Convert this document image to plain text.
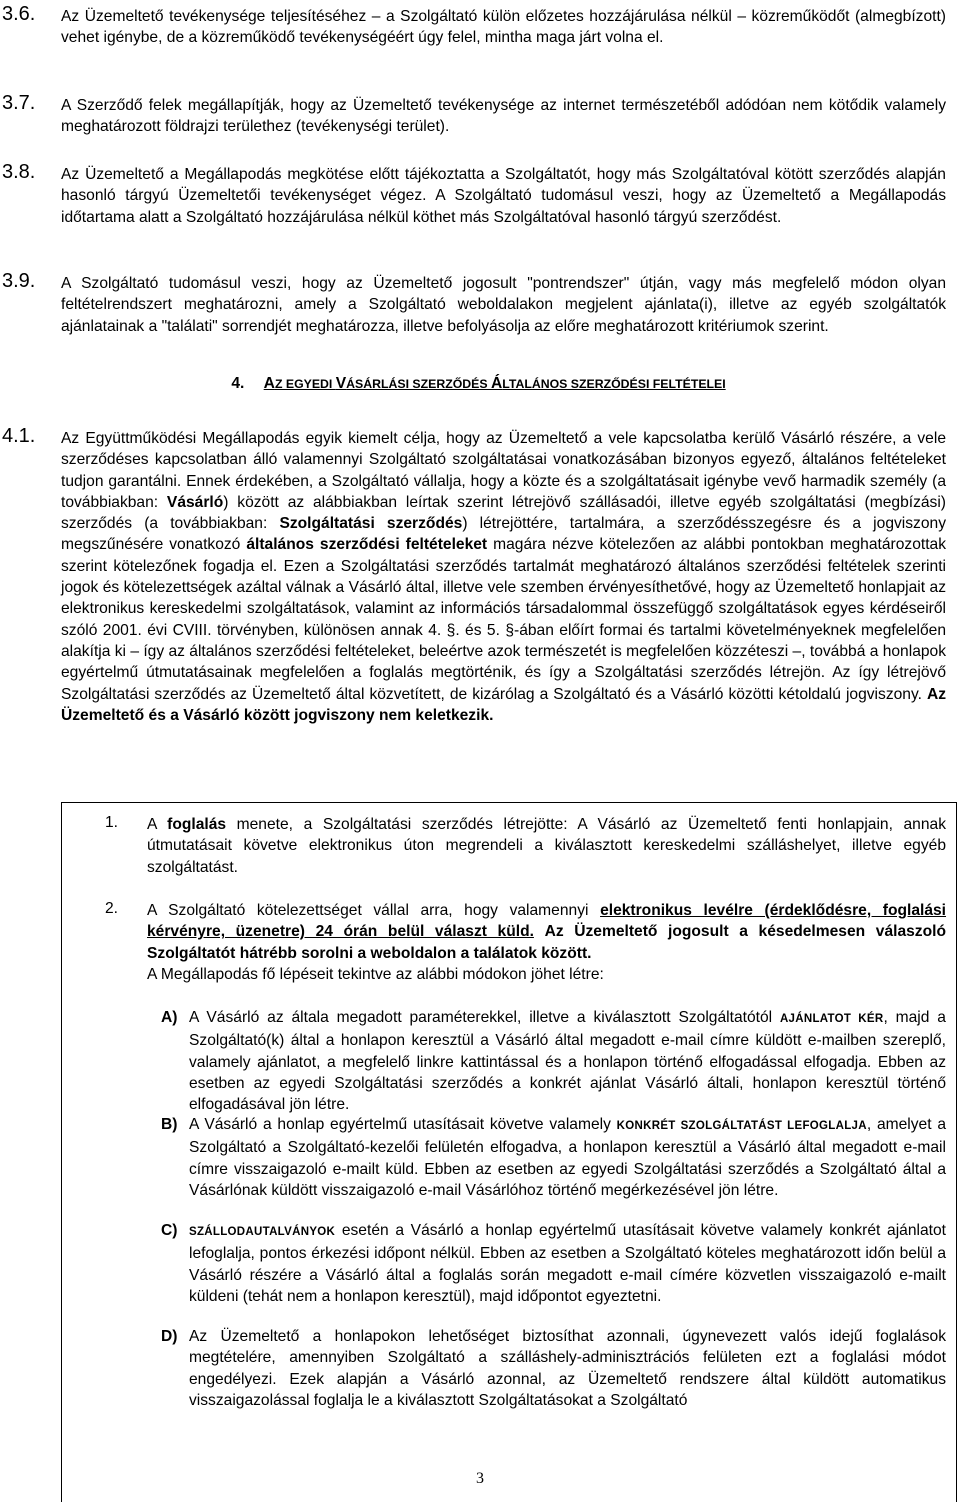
3.6. Az Üzemeltető tevékenysége teljesítéséhez – a Szolgáltató külön előzetes hozzájárulása nélkül – közreműködőt (almegbízott) vehet igénybe, de a közreműködő tevékenységéért úgy felel, mintha maga járt volna el.
3.7. A Szerződő felek megállapítják, hogy az Üzemeltető tevékenysége az internet természetéből adódóan nem kötődik valamely meghatározott földrajzi területhez (tevékenységi terület).
3.8. Az Üzemeltető a Megállapodás megkötése előtt tájékoztatta a Szolgáltatót, hogy más Szolgáltatóval kötött szerződés alapján hasonló tárgyú Üzemeltetői tevékenységet végez. A Szolgáltató tudomásul veszi, hogy az Üzemeltető a Megállapodás időtartama alatt a Szolgáltató hozzájárulása nélkül köthet más Szolgáltatóval hasonló tárgyú szerződést.
3.9. A Szolgáltató tudomásul veszi, hogy az Üzemeltető jogosult "pontrendszer" útján, vagy más megfelelő módon olyan feltételrendszert meghatározni, amely a Szolgáltató weboldalakon megjelent ajánlata(i), illetve az egyéb szolgáltatók ajánlatainak a "találati" sorrendjét meghatározza, illetve befolyásolja az előre meghatározott kritériumok szerint.
4. AZ EGYEDI VÁSÁRLÁSI SZERZŐDÉS ÁLTALÁNOS SZERZŐDÉSI FELTÉTELEI
4.1. Az Együttműködési Megállapodás egyik kiemelt célja, hogy az Üzemeltető a vele kapcsolatba kerülő Vásárló részére, a vele szerződéses kapcsolatban álló valamennyi Szolgáltató szolgáltatásai vonatkozásában bizonyos egyező, általános feltételeket tudjon garantálni. Ennek érdekében, a Szolgáltató vállalja, hogy a közte és a szolgáltatásait igénybe vevő harmadik személy (a továbbiakban: Vásárló) között az alábbiakban leírtak szerint létrejövő szállásadói, illetve egyéb szolgáltatási (megbízási) szerződés (a továbbiakban: Szolgáltatási szerződés) létrejöttére, tartalmára, a szerződésszegésre és a jogviszony megszűnésére vonatkozó általános szerződési feltételeket magára nézve kötelezően az alábbi pontokban meghatározottak szerint kötelezőnek fogadja el. Ezen a Szolgáltatási szerződés tartalmát meghatározó általános szerződési feltételek szerinti jogok és kötelezettségek azáltal válnak a Vásárló által, illetve vele szemben érvényesíthetővé, hogy az Üzemeltető honlapjait az elektronikus kereskedelmi szolgáltatások, valamint az információs társadalommal összefüggő szolgáltatások egyes kérdéseiről szóló 2001. évi CVIII. törvényben, különösen annak 4. §. és 5. §-ában előírt formai és tartalmi követelményeknek megfelelően alakítja ki – így az általános szerződési feltételeket, beleértve azok természetét is megfelelően közzéteszi –, továbbá a honlapok egyértelmű útmutatásainak megfelelően a foglalás megtörténik, és így a Szolgáltatási szerződés létrejön. Az így létrejövő Szolgáltatási szerződés az Üzemeltető által közvetített, de kizárólag a Szolgáltató és a Vásárló közötti kétoldalú jogviszony. Az Üzemeltető és a Vásárló között jogviszony nem keletkezik.
1. A foglalás menete, a Szolgáltatási szerződés létrejötte: A Vásárló az Üzemeltető fenti honlapjain, annak útmutatásait követve elektronikus úton megrendeli a kiválasztott kereskedelmi szálláshelyet, illetve egyéb szolgáltatást.
2. A Szolgáltató kötelezettséget vállal arra, hogy valamennyi elektronikus levélre (érdeklődésre, foglalási kérvényre, üzenetre) 24 órán belül választ küld. Az Üzemeltető jogosult a késedelmesen válaszoló Szolgáltatót hátrébb sorolni a weboldalon a találatok között.
A Megállapodás fő lépéseit tekintve az alábbi módokon jöhet létre:
A) A Vásárló az általa megadott paraméterekkel, illetve a kiválasztott Szolgáltatótól AJÁNLATOT KÉR, majd a Szolgáltató(k) által a honlapon keresztül a Vásárló által megadott e-mail címre küldött e-mailben szereplő, valamely ajánlatot, a megfelelő linkre kattintással és a honlapon történő elfogadással elfogadja. Ebben az esetben az egyedi Szolgáltatási szerződés a konkrét ajánlat Vásárló általi, honlapon keresztül történő elfogadásával jön létre.
B) A Vásárló a honlap egyértelmű utasításait követve valamely KONKRÉT SZOLGÁLTATÁST LEFOGLALJA, amelyet a Szolgáltató a Szolgáltató-kezelői felületén elfogadva, a honlapon keresztül a Vásárló által megadott e-mail címre visszaigazoló e-mailt küld. Ebben az esetben az egyedi Szolgáltatási szerződés a Szolgáltató által a Vásárlónak küldött visszaigazoló e-mail Vásárlóhoz történő megérkezésével jön létre.
C) SZÁLLODAUTALVÁNYOK esetén a Vásárló a honlap egyértelmű utasításait követve valamely konkrét ajánlatot lefoglalja, pontos érkezési időpont nélkül. Ebben az esetben a Szolgáltató köteles meghatározott időn belül a Vásárló részére a Vásárló által a foglalás során megadott e-mail címére közvetlen visszaigazoló e-mailt küldeni (tehát nem a honlapon keresztül), majd időpontot egyeztetni.
D) Az Üzemeltető a honlapokon lehetőséget biztosíthat azonnali, úgynevezett valós idejű foglalások megtételére, amennyiben Szolgáltató a szálláshely-adminisztrációs felületen ezt a foglalási módot engedélyezi. Ezek alapján a Vásárló azonnal, az Üzemeltető rendszere által küldött automatikus visszaigazolással foglalja le a kiválasztott Szolgáltatásokat a Szolgáltató
3
